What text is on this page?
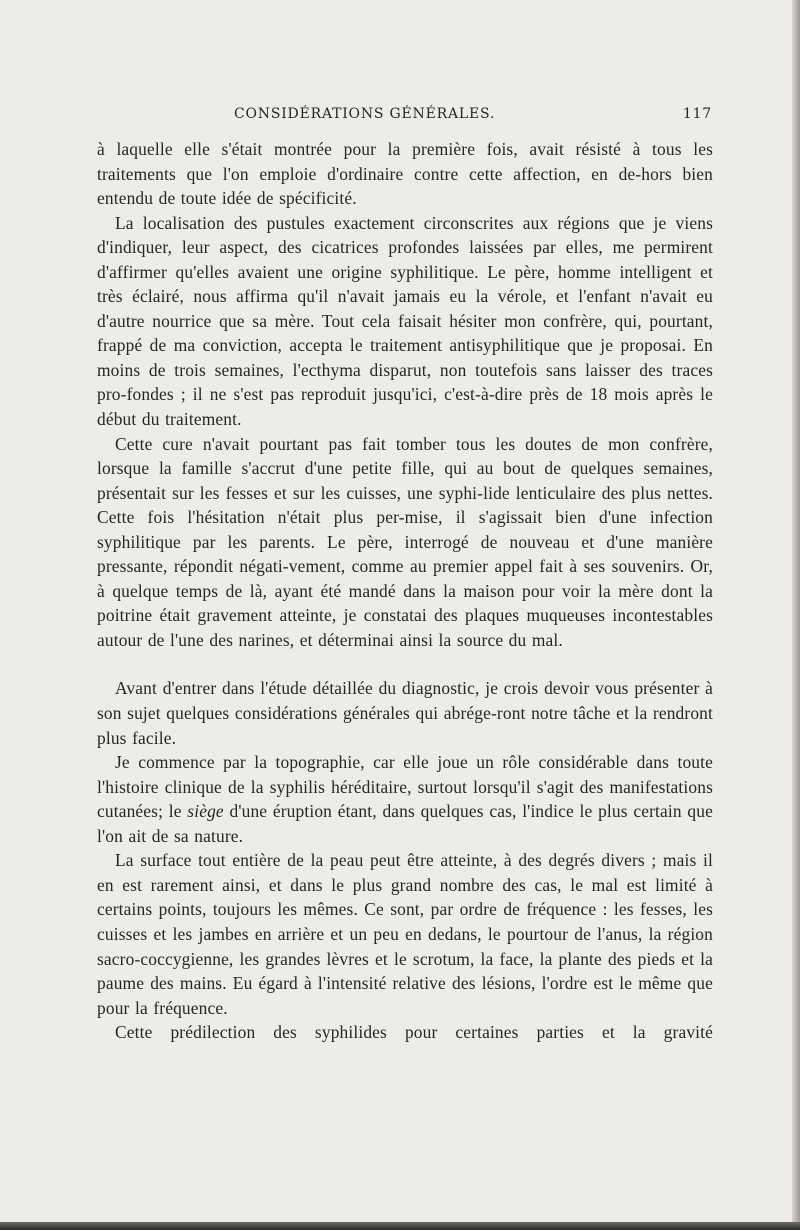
CONSIDÉRATIONS GÉNÉRALES.	117

à laquelle elle s'était montrée pour la première fois, avait résisté à tous les traitements que l'on emploie d'ordinaire contre cette affection, en de-hors bien entendu de toute idée de spécificité.

La localisation des pustules exactement circonscrites aux régions que je viens d'indiquer, leur aspect, des cicatrices profondes laissées par elles, me permirent d'affirmer qu'elles avaient une origine syphilitique. Le père, homme intelligent et très éclairé, nous affirma qu'il n'avait jamais eu la vérole, et l'enfant n'avait eu d'autre nourrice que sa mère. Tout cela faisait hésiter mon confrère, qui, pourtant, frappé de ma conviction, accepta le traitement antisyphilitique que je proposai. En moins de trois semaines, l'ecthyma disparut, non toutefois sans laisser des traces pro-fondes ; il ne s'est pas reproduit jusqu'ici, c'est-à-dire près de 18 mois après le début du traitement.

Cette cure n'avait pourtant pas fait tomber tous les doutes de mon confrère, lorsque la famille s'accrut d'une petite fille, qui au bout de quelques semaines, présentait sur les fesses et sur les cuisses, une syphi-lide lenticulaire des plus nettes. Cette fois l'hésitation n'était plus per-mise, il s'agissait bien d'une infection syphilitique par les parents. Le père, interrogé de nouveau et d'une manière pressante, répondit négati-vement, comme au premier appel fait à ses souvenirs. Or, à quelque temps de là, ayant été mandé dans la maison pour voir la mère dont la poitrine était gravement atteinte, je constatai des plaques muqueuses incontestables autour de l'une des narines, et déterminai ainsi la source du mal.

Avant d'entrer dans l'étude détaillée du diagnostic, je crois devoir vous présenter à son sujet quelques considérations générales qui abrége-ront notre tâche et la rendront plus facile.

Je commence par la topographie, car elle joue un rôle considérable dans toute l'histoire clinique de la syphilis héréditaire, surtout lorsqu'il s'agit des manifestations cutanées; le siège d'une éruption étant, dans quelques cas, l'indice le plus certain que l'on ait de sa nature.

La surface tout entière de la peau peut être atteinte, à des degrés divers ; mais il en est rarement ainsi, et dans le plus grand nombre des cas, le mal est limité à certains points, toujours les mêmes. Ce sont, par ordre de fréquence : les fesses, les cuisses et les jambes en arrière et un peu en dedans, le pourtour de l'anus, la région sacro-coccygienne, les grandes lèvres et le scrotum, la face, la plante des pieds et la paume des mains. Eu égard à l'intensité relative des lésions, l'ordre est le même que pour la fréquence.

Cette prédilection des syphilides pour certaines parties et la gravité
